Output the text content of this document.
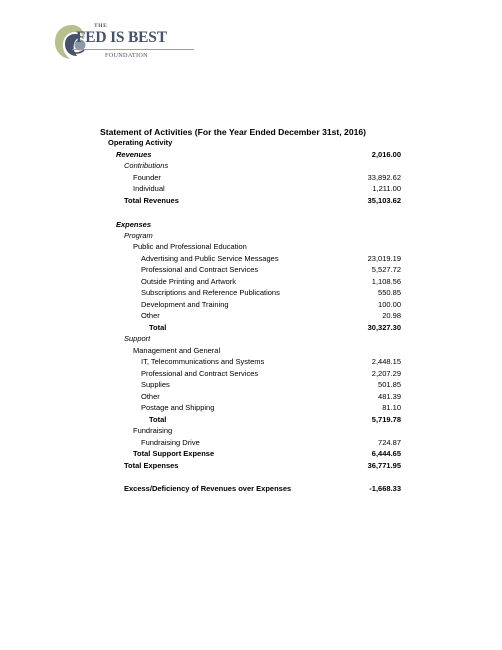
THE
FED IS BEST
FOUNDATION
Statement of Activities (For the Year Ended December 31st, 2016)
Operating Activity
Revenues	2,016.00
Contributions
Founder	33,892.62
Individual	1,211.00
Total Revenues	35,103.62
Expenses
Program
Public and Professional Education
Advertising and Public Service Messages	23,019.19
Professional and Contract Services	5,527.72
Outside Printing and Artwork	1,108.56
Subscriptions and Reference Publications	550.85
Development and Training	100.00
Other	20.98
Total	30,327.30
Support
Management and General
IT, Telecommunications and Systems	2,448.15
Professional and Contract Services	2,207.29
Supplies	501.85
Other	481.39
Postage and Shipping	81.10
Total	5,719.78
Fundraising
Fundraising Drive	724.87
Total Support Expense	6,444.65
Total Expenses	36,771.95
Excess/Deficiency of Revenues over Expenses	-1,668.33
